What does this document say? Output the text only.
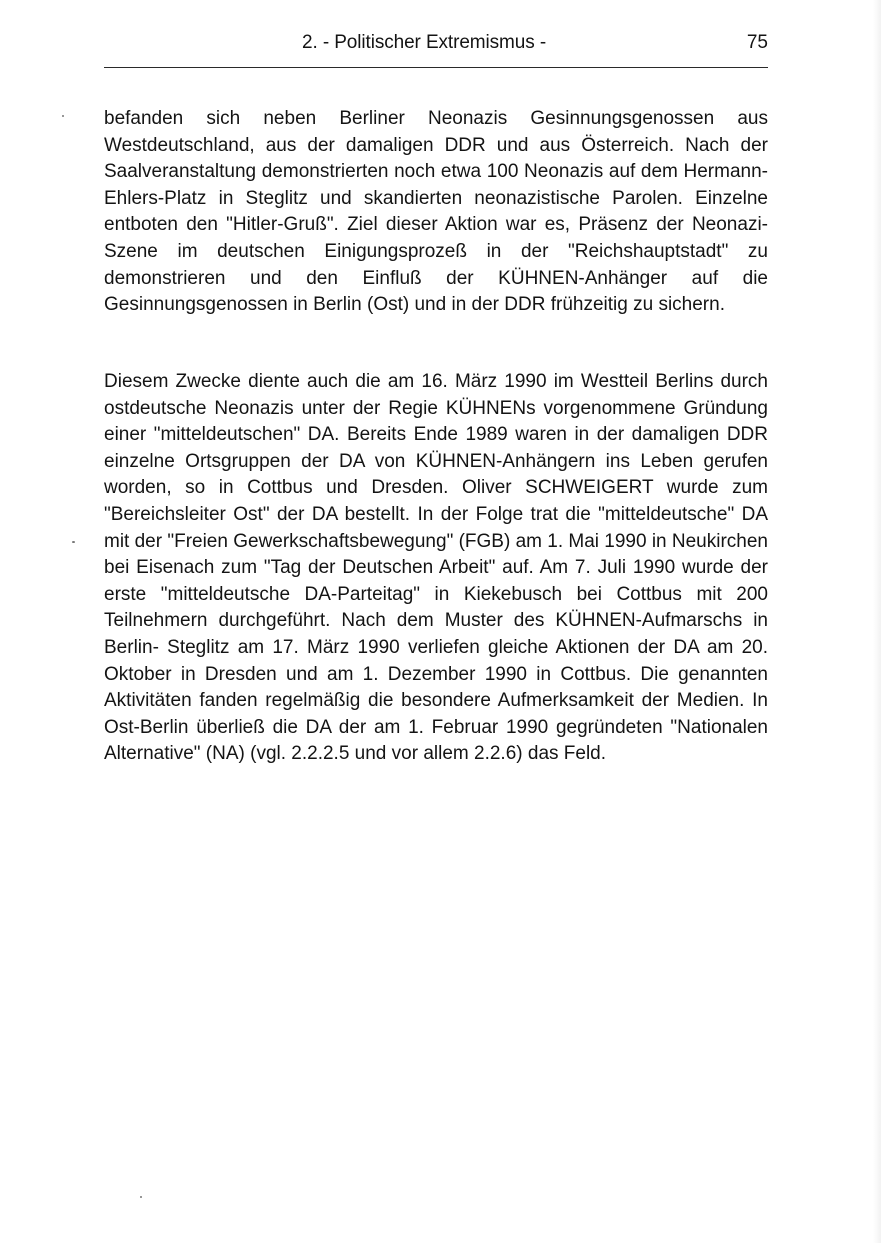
2. - Politischer Extremismus -	75

befanden sich neben Berliner Neonazis Gesinnungsgenossen aus Westdeutschland, aus der damaligen DDR und aus Österreich. Nach der Saalveranstaltung demonstrierten noch etwa 100 Neonazis auf dem Hermann-Ehlers-Platz in Steglitz und skandierten neonazistische Parolen. Einzelne entboten den "Hitler-Gruß". Ziel dieser Aktion war es, Präsenz der Neonazi-Szene im deutschen Einigungsprozeß in der "Reichshauptstadt" zu demonstrieren und den Einfluß der KÜHNEN-Anhänger auf die Gesinnungsgenossen in Berlin (Ost) und in der DDR frühzeitig zu sichern.

Diesem Zwecke diente auch die am 16. März 1990 im Westteil Berlins durch ostdeutsche Neonazis unter der Regie KÜHNENs vorgenommene Gründung einer "mitteldeutschen" DA. Bereits Ende 1989 waren in der damaligen DDR einzelne Ortsgruppen der DA von KÜHNEN-Anhängern ins Leben gerufen worden, so in Cottbus und Dresden. Oliver SCHWEIGERT wurde zum "Bereichsleiter Ost" der DA bestellt. In der Folge trat die "mitteldeutsche" DA mit der "Freien Gewerkschaftsbewegung" (FGB) am 1. Mai 1990 in Neukirchen bei Eisenach zum "Tag der Deutschen Arbeit" auf. Am 7. Juli 1990 wurde der erste "mitteldeutsche DA-Parteitag" in Kiekebusch bei Cottbus mit 200 Teilnehmern durchgeführt. Nach dem Muster des KÜHNEN-Aufmarschs in Berlin- Steglitz am 17. März 1990 verliefen gleiche Aktionen der DA am 20. Oktober in Dresden und am 1. Dezember 1990 in Cottbus. Die genannten Aktivitäten fanden regelmäßig die besondere Aufmerksamkeit der Medien. In Ost-Berlin überließ die DA der am 1. Februar 1990 gegründeten "Nationalen Alternative" (NA) (vgl. 2.2.2.5 und vor allem 2.2.6) das Feld.
